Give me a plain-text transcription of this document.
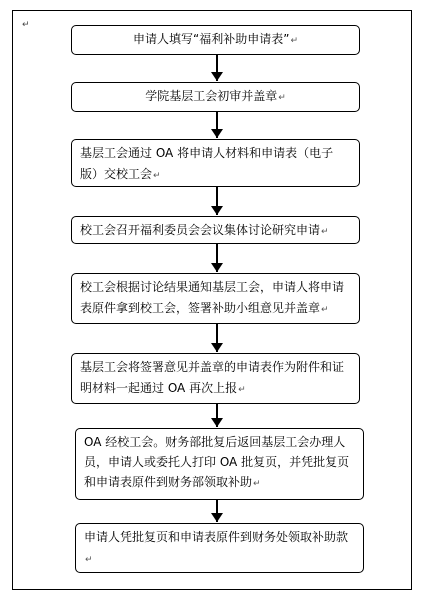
↵
申请人填写“福利补助申请表”↵
学院基层工会初审并盖章↵
基层工会通过 OA 将申请人材料和申请表（电子版）交校工会↵
校工会召开福利委员会会议集体讨论研究申请↵
校工会根据讨论结果通知基层工会，申请人将申请表原件拿到校工会，签署补助小组意见并盖章↵
基层工会将签署意见并盖章的申请表作为附件和证明材料一起通过 OA 再次上报↵
OA 经校工会。财务部批复后返回基层工会办理人员，申请人或委托人打印 OA 批复页，并凭批复页和申请表原件到财务部领取补助↵
申请人凭批复页和申请表原件到财务处领取补助款↵
